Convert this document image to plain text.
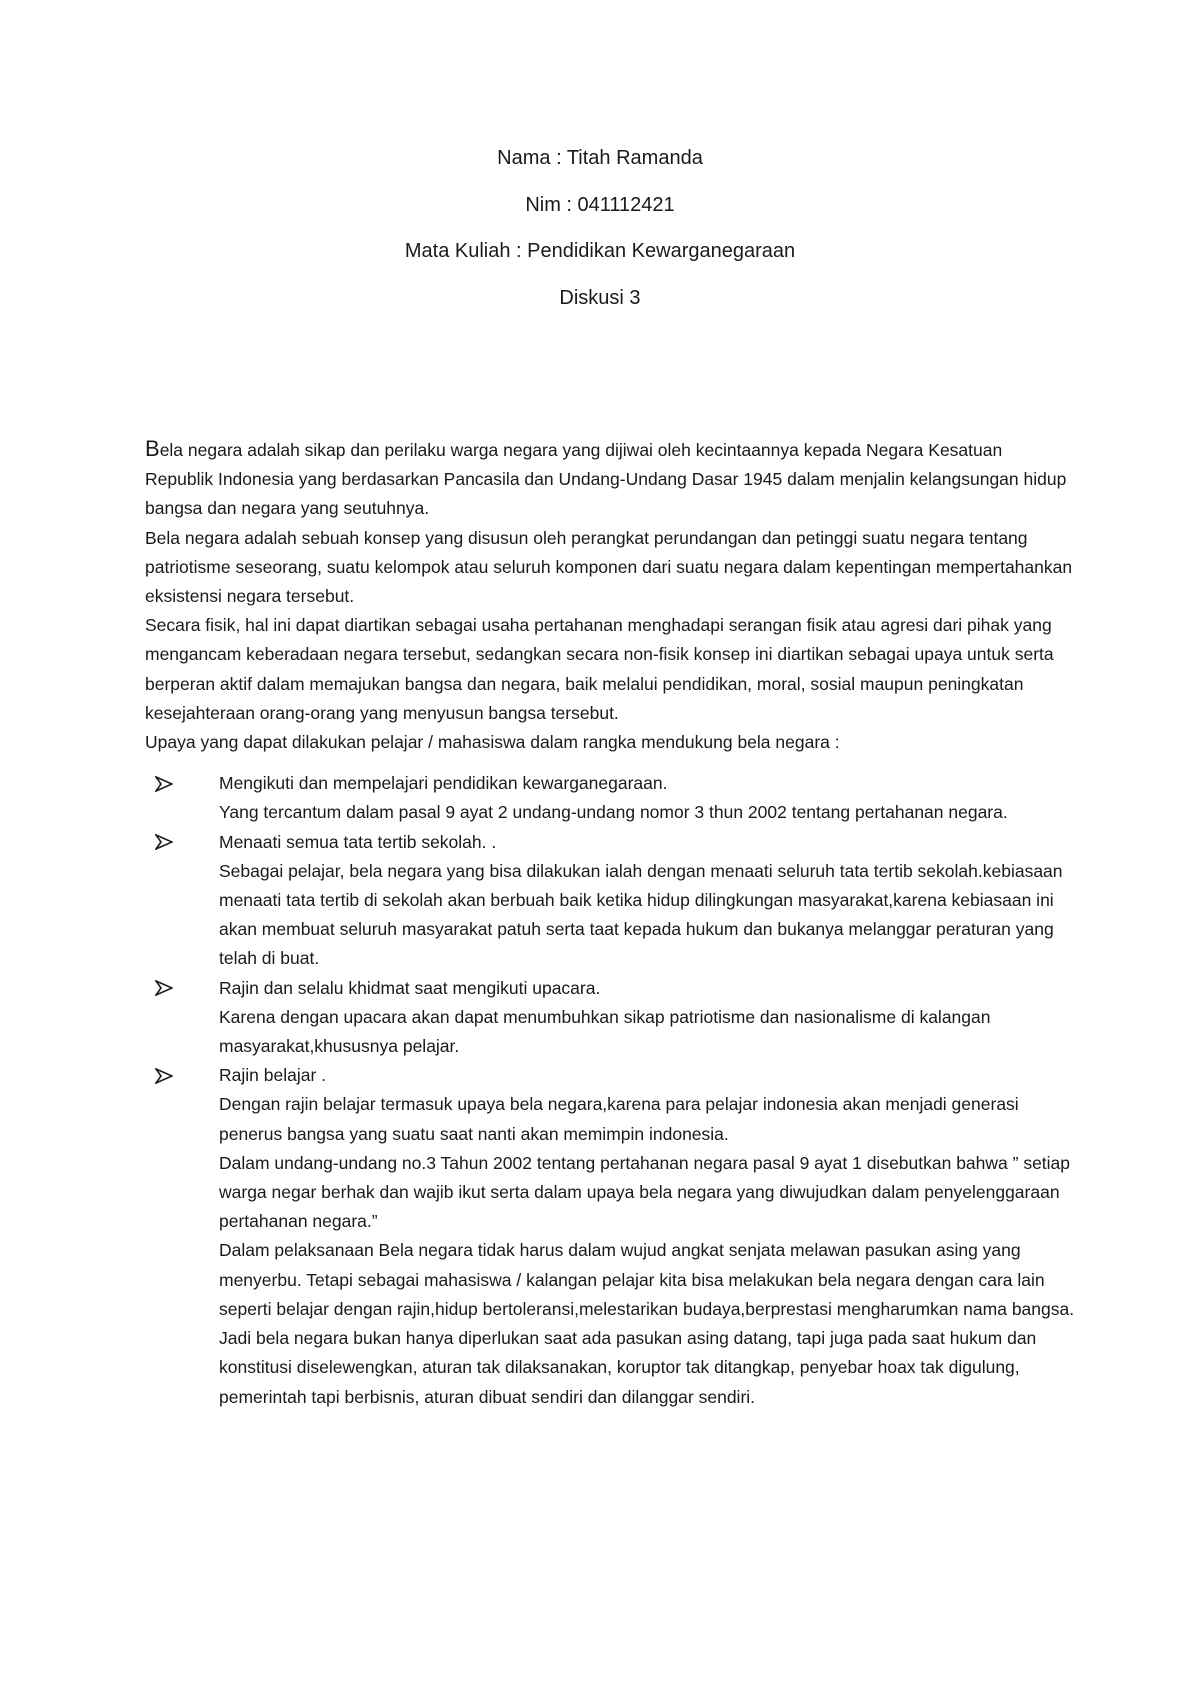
Nama : Titah Ramanda
Nim : 041112421
Mata Kuliah : Pendidikan Kewarganegaraan
Diskusi 3

Bela negara adalah sikap dan perilaku warga negara yang dijiwai oleh kecintaannya kepada Negara Kesatuan Republik Indonesia yang berdasarkan Pancasila dan Undang-Undang Dasar 1945 dalam menjalin kelangsungan hidup bangsa dan negara yang seutuhnya.

Bela negara adalah sebuah konsep yang disusun oleh perangkat perundangan dan petinggi suatu negara tentang patriotisme seseorang, suatu kelompok atau seluruh komponen dari suatu negara dalam kepentingan mempertahankan eksistensi negara tersebut.

Secara fisik, hal ini dapat diartikan sebagai usaha pertahanan menghadapi serangan fisik atau agresi dari pihak yang mengancam keberadaan negara tersebut, sedangkan secara non-fisik konsep ini diartikan sebagai upaya untuk serta berperan aktif dalam memajukan bangsa dan negara, baik melalui pendidikan, moral, sosial maupun peningkatan kesejahteraan orang-orang yang menyusun bangsa tersebut.

Upaya yang dapat dilakukan pelajar / mahasiswa dalam rangka mendukung bela negara :

Mengikuti dan mempelajari pendidikan kewarganegaraan.
Yang tercantum dalam pasal 9 ayat 2 undang-undang nomor 3 thun 2002 tentang pertahanan negara.
Menaati semua tata tertib sekolah. .
Sebagai pelajar, bela negara yang bisa dilakukan ialah dengan menaati seluruh tata tertib sekolah.kebiasaan menaati tata tertib di sekolah akan berbuah baik ketika hidup dilingkungan masyarakat,karena kebiasaan ini akan membuat seluruh masyarakat patuh serta taat kepada hukum dan bukanya melanggar peraturan yang telah di buat.
Rajin dan selalu khidmat saat mengikuti upacara.
Karena dengan upacara akan dapat menumbuhkan sikap patriotisme dan nasionalisme di kalangan masyarakat,khususnya pelajar.
Rajin belajar .
Dengan rajin belajar termasuk upaya bela negara,karena para pelajar indonesia akan menjadi generasi penerus bangsa yang suatu saat nanti akan memimpin indonesia.
Dalam undang-undang no.3 Tahun 2002 tentang pertahanan negara pasal 9 ayat 1 disebutkan bahwa ” setiap warga negar berhak dan wajib ikut serta dalam upaya bela negara yang diwujudkan dalam penyelenggaraan pertahanan negara.”
Dalam pelaksanaan Bela negara tidak harus dalam wujud angkat senjata melawan pasukan asing yang menyerbu. Tetapi sebagai mahasiswa / kalangan pelajar kita bisa melakukan bela negara dengan cara lain seperti belajar dengan rajin,hidup bertoleransi,melestarikan budaya,berprestasi mengharumkan nama bangsa.
Jadi bela negara bukan hanya diperlukan saat ada pasukan asing datang, tapi juga pada saat hukum dan konstitusi diselewengkan, aturan tak dilaksanakan, koruptor tak ditangkap, penyebar hoax tak digulung, pemerintah tapi berbisnis, aturan dibuat sendiri dan dilanggar sendiri.
